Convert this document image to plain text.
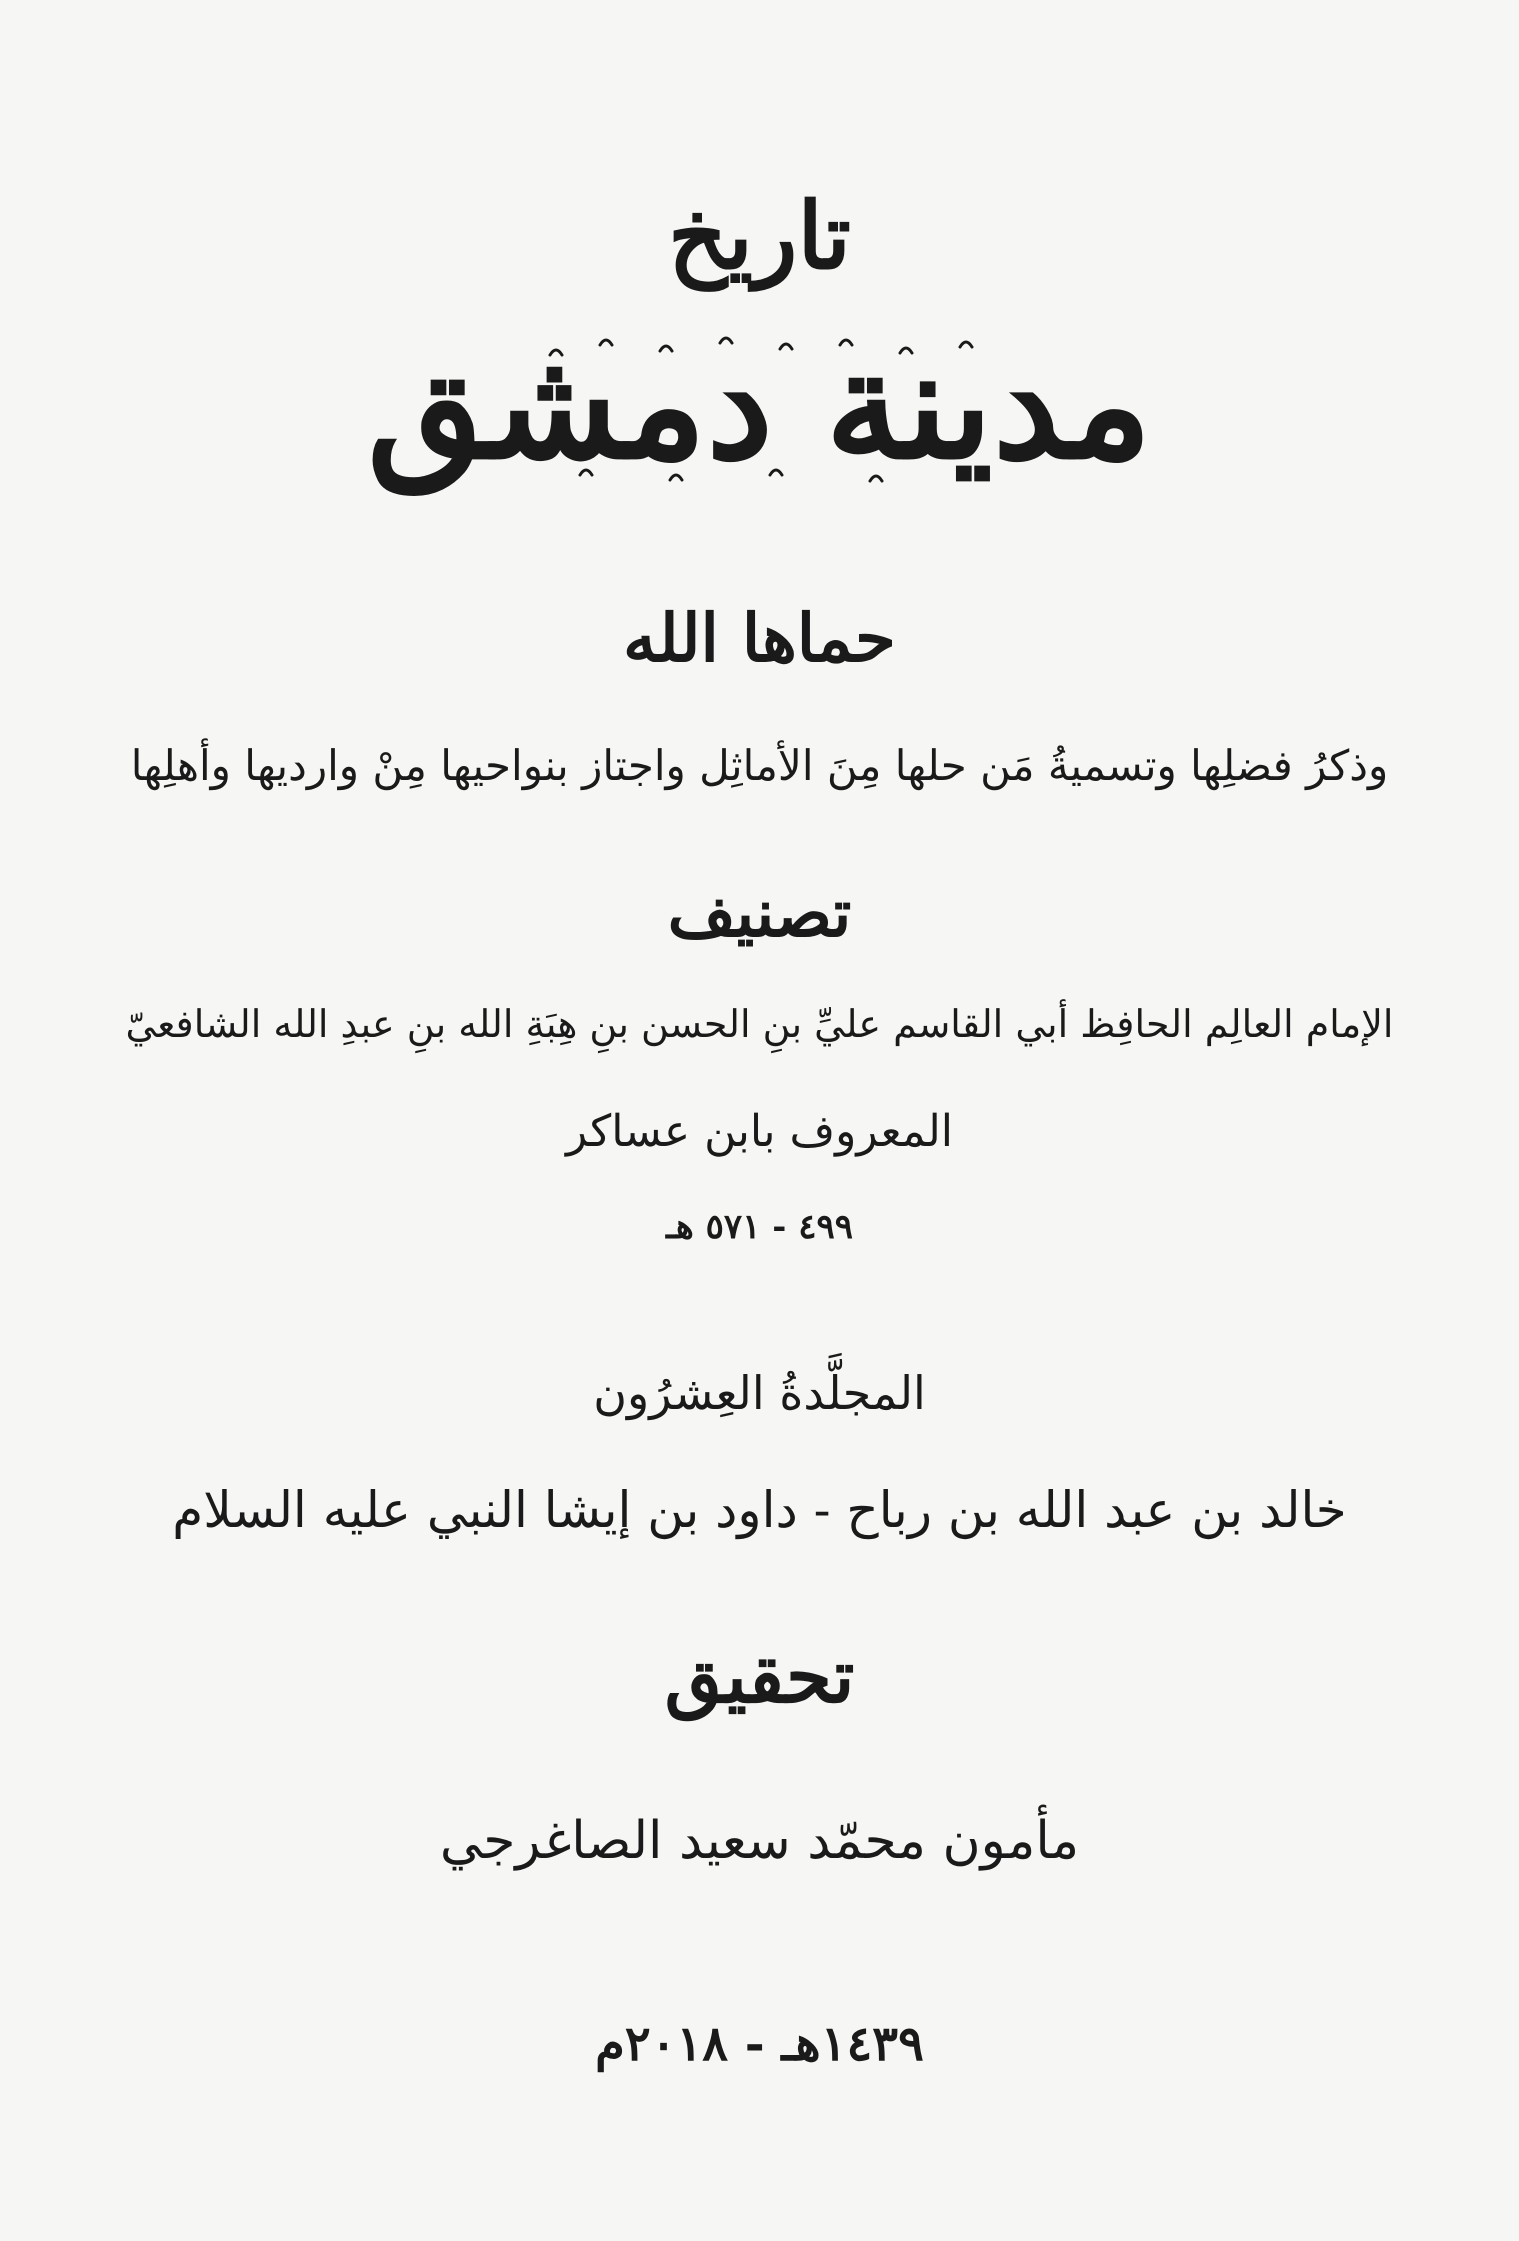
تاريخ
مدينة دمشق
حماها الله
وذكرُ فضلِها وتسميةُ مَن حلها مِنَ الأماثِل واجتاز بنواحيها مِنْ وارديها وأهلِها
تصنيف
الإمام العالِم الحافِظ أبي القاسم عليِّ بنِ الحسن بنِ هِبَةِ الله بنِ عبدِ الله الشافعيّ
المعروف بابن عساكر
٤٩٩ - ٥٧١ هـ
المجلَّدةُ العِشرُون
خالد بن عبد الله بن رباح - داود بن إيشا النبي عليه السلام
تحقيق
مأمون محمّد سعيد الصاغرجي
١٤٣٩هـ - ٢٠١٨م
